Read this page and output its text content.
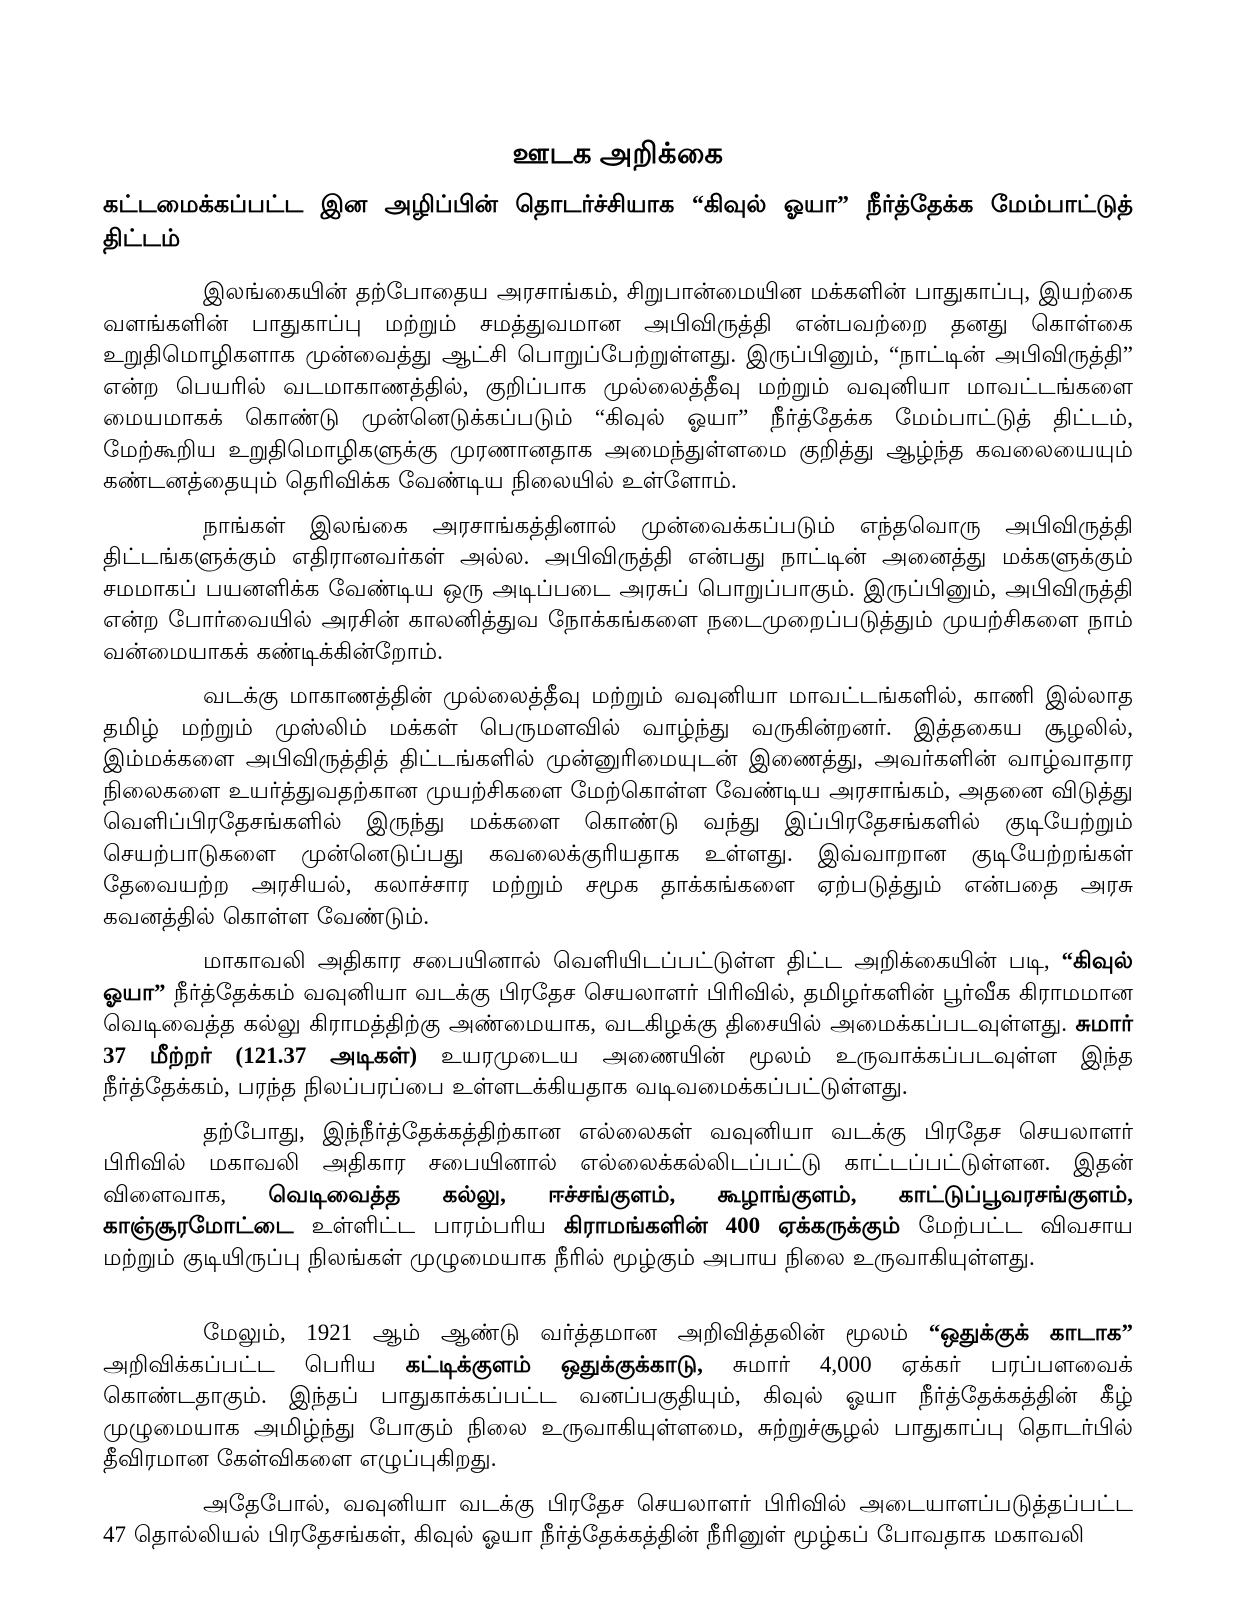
ஊடக அறிக்கை
கட்டமைக்கப்பட்ட இன அழிப்பின் தொடர்ச்சியாக “கிவுல் ஓயா” நீர்த்தேக்க மேம்பாட்டுத் திட்டம்

இலங்கையின் தற்போதைய அரசாங்கம், சிறுபான்மையின மக்களின் பாதுகாப்பு, இயற்கை வளங்களின் பாதுகாப்பு மற்றும் சமத்துவமான அபிவிருத்தி என்பவற்றை தனது கொள்கை உறுதிமொழிகளாக முன்வைத்து ஆட்சி பொறுப்பேற்றுள்ளது. இருப்பினும், “நாட்டின் அபிவிருத்தி” என்ற பெயரில் வடமாகாணத்தில், குறிப்பாக முல்லைத்தீவு மற்றும் வவுனியா மாவட்டங்களை மையமாகக் கொண்டு முன்னெடுக்கப்படும் “கிவுல் ஓயா” நீர்த்தேக்க மேம்பாட்டுத் திட்டம், மேற்கூறிய உறுதிமொழிகளுக்கு முரணானதாக அமைந்துள்ளமை குறித்து ஆழ்ந்த கவலையையும் கண்டனத்தையும் தெரிவிக்க வேண்டிய நிலையில் உள்ளோம்.

நாங்கள் இலங்கை அரசாங்கத்தினால் முன்வைக்கப்படும் எந்தவொரு அபிவிருத்தி திட்டங்களுக்கும் எதிரானவர்கள் அல்ல. அபிவிருத்தி என்பது நாட்டின் அனைத்து மக்களுக்கும் சமமாகப் பயனளிக்க வேண்டிய ஒரு அடிப்படை அரசுப் பொறுப்பாகும். இருப்பினும், அபிவிருத்தி என்ற போர்வையில் அரசின் காலனித்துவ நோக்கங்களை நடைமுறைப்படுத்தும் முயற்சிகளை நாம் வன்மையாகக் கண்டிக்கின்றோம்.

வடக்கு மாகாணத்தின் முல்லைத்தீவு மற்றும் வவுனியா மாவட்டங்களில், காணி இல்லாத தமிழ் மற்றும் முஸ்லிம் மக்கள் பெருமளவில் வாழ்ந்து வருகின்றனர். இத்தகைய சூழலில், இம்மக்களை அபிவிருத்தித் திட்டங்களில் முன்னுரிமையுடன் இணைத்து, அவர்களின் வாழ்வாதார நிலைகளை உயர்த்துவதற்கான முயற்சிகளை மேற்கொள்ள வேண்டிய அரசாங்கம், அதனை விடுத்து வெளிப்பிரதேசங்களில் இருந்து மக்களை கொண்டு வந்து இப்பிரதேசங்களில் குடியேற்றும் செயற்பாடுகளை முன்னெடுப்பது கவலைக்குரியதாக உள்ளது. இவ்வாறான குடியேற்றங்கள் தேவையற்ற அரசியல், கலாச்சார மற்றும் சமூக தாக்கங்களை ஏற்படுத்தும் என்பதை அரசு கவனத்தில் கொள்ள வேண்டும்.

மாகாவலி அதிகார சபையினால் வெளியிடப்பட்டுள்ள திட்ட அறிக்கையின் படி, “கிவுல் ஓயா” நீர்த்தேக்கம் வவுனியா வடக்கு பிரதேச செயலாளர் பிரிவில், தமிழர்களின் பூர்வீக கிராமமான வெடிவைத்த கல்லு கிராமத்திற்கு அண்மையாக, வடகிழக்கு திசையில் அமைக்கப்படவுள்ளது. சுமார் 37 மீற்றர் (121.37 அடிகள்) உயரமுடைய அணையின் மூலம் உருவாக்கப்படவுள்ள இந்த நீர்த்தேக்கம், பரந்த நிலப்பரப்பை உள்ளடக்கியதாக வடிவமைக்கப்பட்டுள்ளது.

தற்போது, இந்நீர்த்தேக்கத்திற்கான எல்லைகள் வவுனியா வடக்கு பிரதேச செயலாளர் பிரிவில் மகாவலி அதிகார சபையினால் எல்லைக்கல்லிடப்பட்டு காட்டப்பட்டுள்ளன. இதன் விளைவாக, வெடிவைத்த கல்லு, ஈச்சங்குளம், கூழாங்குளம், காட்டுப்பூவரசங்குளம், காஞ்சூரமோட்டை உள்ளிட்ட பாரம்பரிய கிராமங்களின் 400 ஏக்கருக்கும் மேற்பட்ட விவசாய மற்றும் குடியிருப்பு நிலங்கள் முழுமையாக நீரில் மூழ்கும் அபாய நிலை உருவாகியுள்ளது.

மேலும், 1921 ஆம் ஆண்டு வர்த்தமான அறிவித்தலின் மூலம் “ஒதுக்குக் காடாக” அறிவிக்கப்பட்ட பெரிய கட்டிக்குளம் ஒதுக்குக்காடு, சுமார் 4,000 ஏக்கர் பரப்பளவைக் கொண்டதாகும். இந்தப் பாதுகாக்கப்பட்ட வனப்பகுதியும், கிவுல் ஓயா நீர்த்தேக்கத்தின் கீழ் முழுமையாக அமிழ்ந்து போகும் நிலை உருவாகியுள்ளமை, சுற்றுச்சூழல் பாதுகாப்பு தொடர்பில் தீவிரமான கேள்விகளை எழுப்புகிறது.

அதேபோல், வவுனியா வடக்கு பிரதேச செயலாளர் பிரிவில் அடையாளப்படுத்தப்பட்ட 47 தொல்லியல் பிரதேசங்கள், கிவுல் ஓயா நீர்த்தேக்கத்தின் நீரினுள் மூழ்கப் போவதாக மகாவலி
